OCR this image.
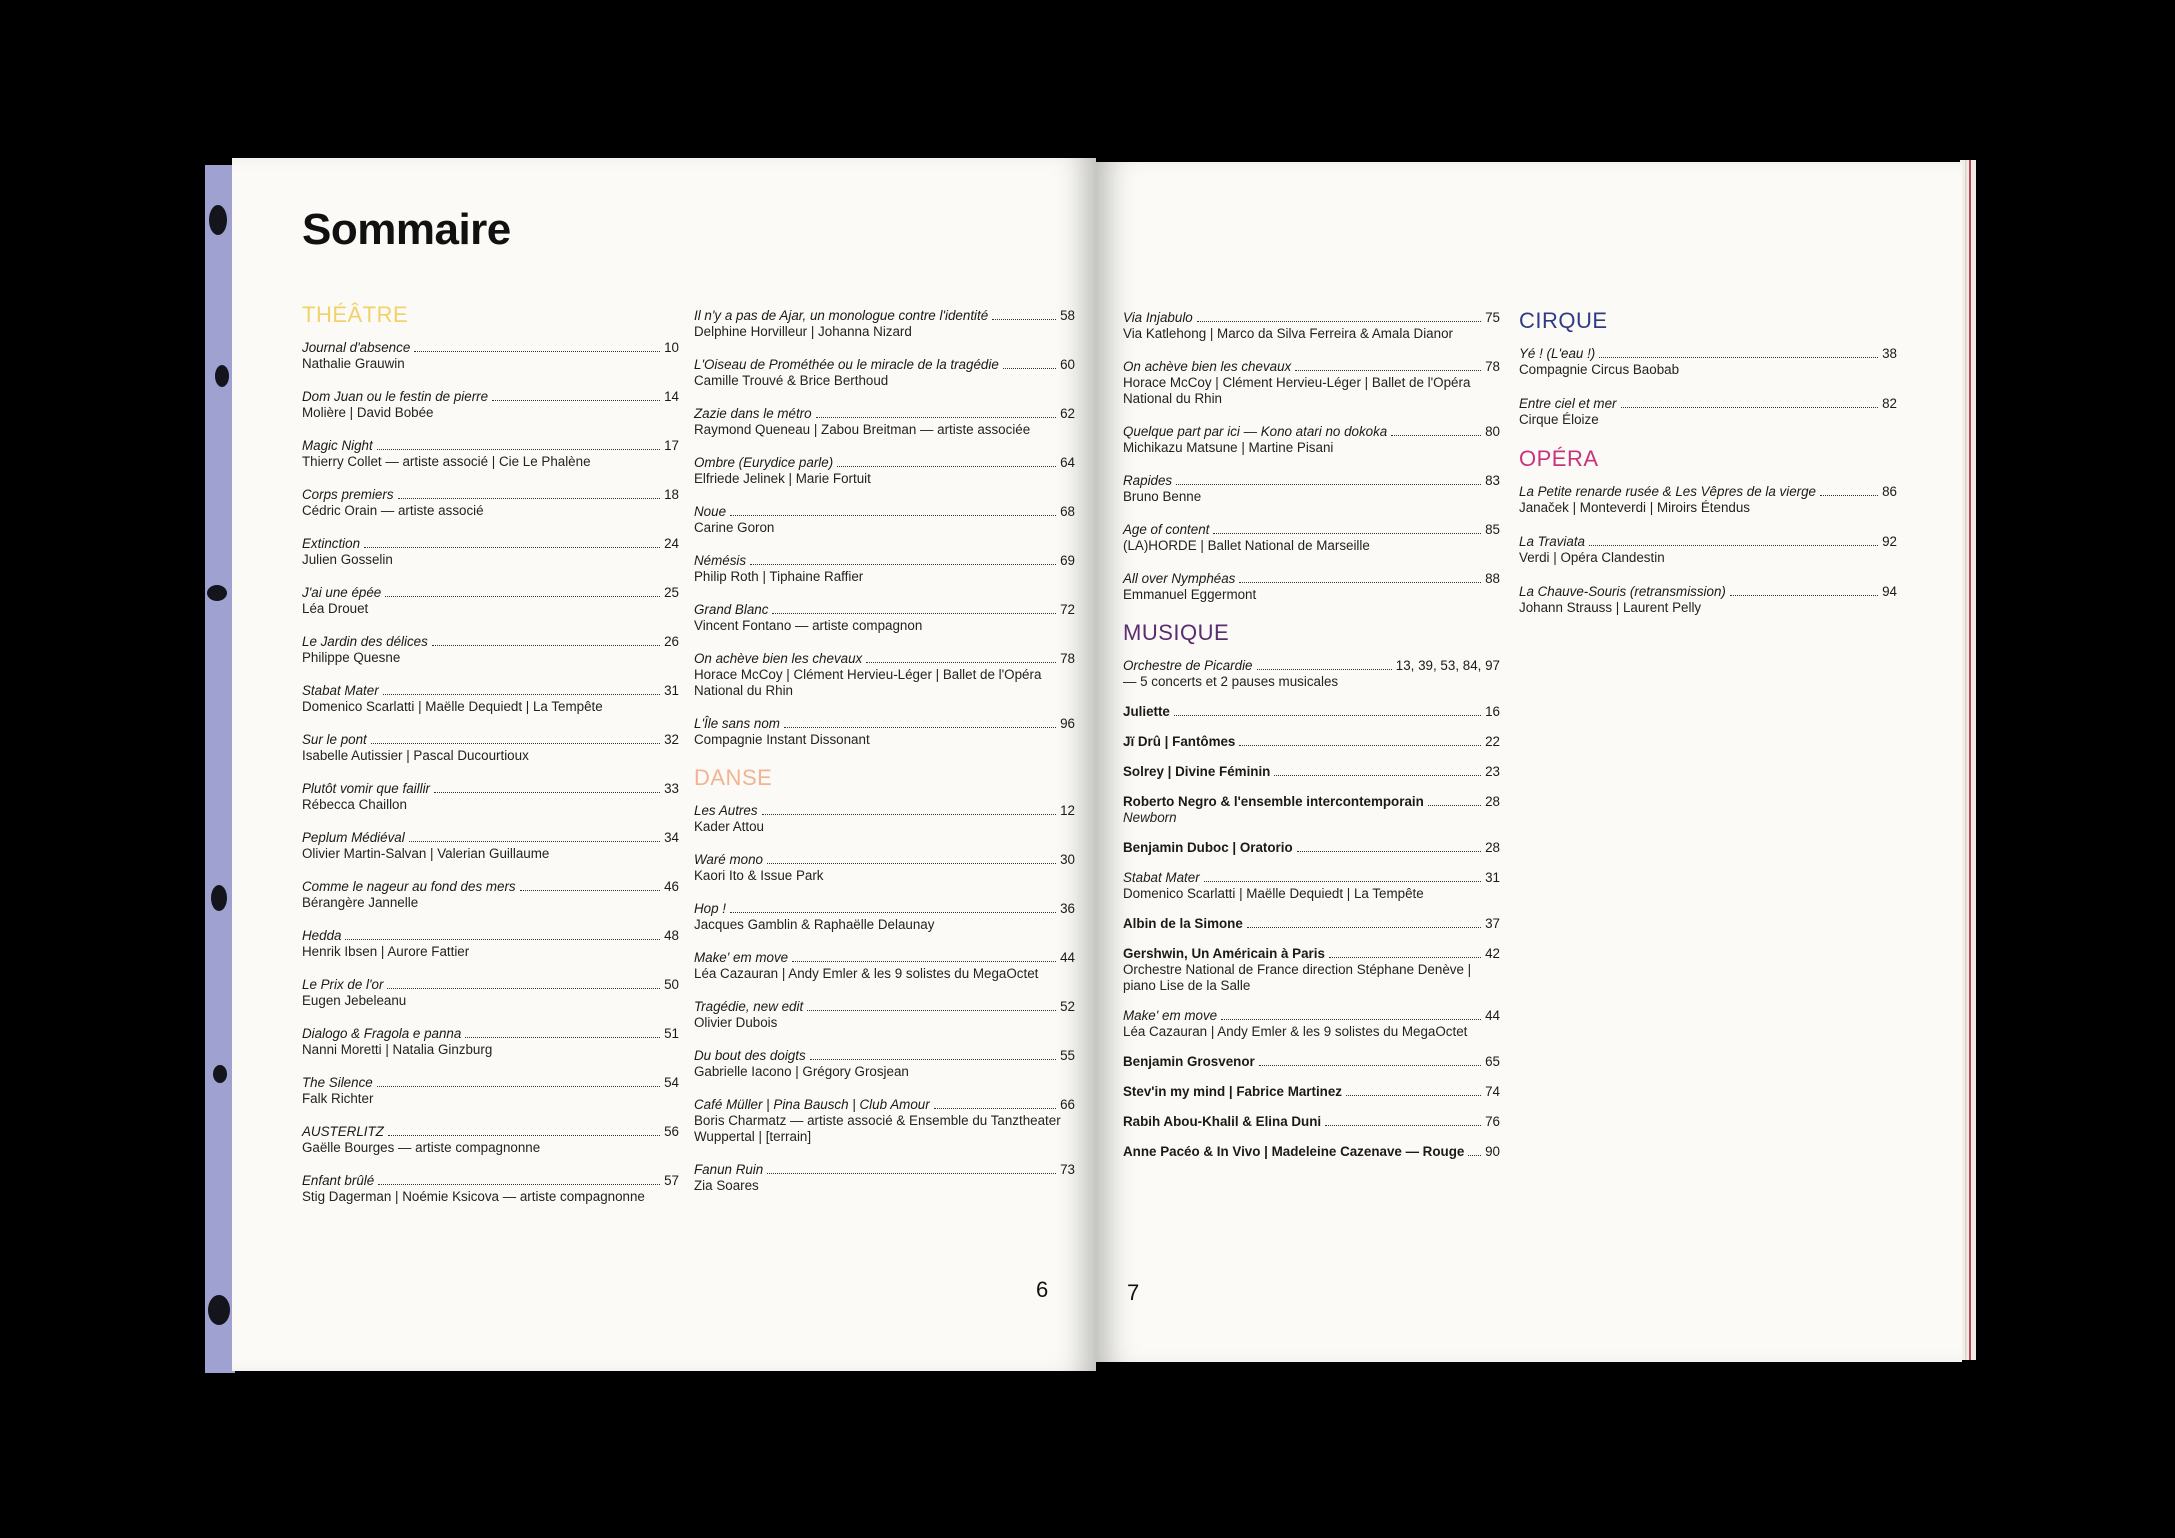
Sommaire
THÉÂTRE
Journal d'absence	10
Nathalie Grauwin
Dom Juan ou le festin de pierre	14
Molière | David Bobée
Magic Night	17
Thierry Collet — artiste associé | Cie Le Phalène
Corps premiers	18
Cédric Orain — artiste associé
Extinction	24
Julien Gosselin
J'ai une épée	25
Léa Drouet
Le Jardin des délices	26
Philippe Quesne
Stabat Mater	31
Domenico Scarlatti | Maëlle Dequiedt | La Tempête
Sur le pont	32
Isabelle Autissier | Pascal Ducourtioux
Plutôt vomir que faillir	33
Rébecca Chaillon
Peplum Médiéval	34
Olivier Martin-Salvan | Valerian Guillaume
Comme le nageur au fond des mers	46
Bérangère Jannelle
Hedda	48
Henrik Ibsen | Aurore Fattier
Le Prix de l'or	50
Eugen Jebeleanu
Dialogo & Fragola e panna	51
Nanni Moretti | Natalia Ginzburg
The Silence	54
Falk Richter
AUSTERLITZ	56
Gaëlle Bourges — artiste compagnonne
Enfant brûlé	57
Stig Dagerman | Noémie Ksicova — artiste compagnonne
Il n'y a pas de Ajar, un monologue contre l'identité	58
Delphine Horvilleur | Johanna Nizard
L'Oiseau de Prométhée ou le miracle de la tragédie	60
Camille Trouvé & Brice Berthoud
Zazie dans le métro	62
Raymond Queneau | Zabou Breitman — artiste associée
Ombre (Eurydice parle)	64
Elfriede Jelinek | Marie Fortuit
Noue	68
Carine Goron
Némésis	69
Philip Roth | Tiphaine Raffier
Grand Blanc	72
Vincent Fontano — artiste compagnon
On achève bien les chevaux	78
Horace McCoy | Clément Hervieu-Léger | Ballet de l'Opéra National du Rhin
L'Île sans nom	96
Compagnie Instant Dissonant
DANSE
Les Autres	12
Kader Attou
Waré mono	30
Kaori Ito & Issue Park
Hop !	36
Jacques Gamblin & Raphaëlle Delaunay
Make' em move	44
Léa Cazauran | Andy Emler & les 9 solistes du MegaOctet
Tragédie, new edit	52
Olivier Dubois
Du bout des doigts	55
Gabrielle Iacono | Grégory Grosjean
Café Müller | Pina Bausch | Club Amour	66
Boris Charmatz — artiste associé & Ensemble du Tanztheater Wuppertal | [terrain]
Fanun Ruin	73
Zia Soares
Via Injabulo	75
Via Katlehong | Marco da Silva Ferreira & Amala Dianor
On achève bien les chevaux	78
Horace McCoy | Clément Hervieu-Léger | Ballet de l'Opéra National du Rhin
Quelque part par ici — Kono atari no dokoka	80
Michikazu Matsune | Martine Pisani
Rapides	83
Bruno Benne
Age of content	85
(LA)HORDE | Ballet National de Marseille
All over Nymphéas	88
Emmanuel Eggermont
MUSIQUE
Orchestre de Picardie	13, 39, 53, 84, 97
— 5 concerts et 2 pauses musicales
Juliette	16
Jï Drû | Fantômes	22
Solrey | Divine Féminin	23
Roberto Negro & l'ensemble intercontemporain	28
Newborn
Benjamin Duboc | Oratorio	28
Stabat Mater	31
Domenico Scarlatti | Maëlle Dequiedt | La Tempête
Albin de la Simone	37
Gershwin, Un Américain à Paris	42
Orchestre National de France direction Stéphane Denève | piano Lise de la Salle
Make' em move	44
Léa Cazauran | Andy Emler & les 9 solistes du MegaOctet
Benjamin Grosvenor	65
Stev'in my mind | Fabrice Martinez	74
Rabih Abou-Khalil & Elina Duni	76
Anne Pacéo & In Vivo | Madeleine Cazenave — Rouge 90
CIRQUE
Yé ! (L'eau !)	38
Compagnie Circus Baobab
Entre ciel et mer	82
Cirque Éloize
OPÉRA
La Petite renarde rusée & Les Vêpres de la vierge	86
Janaček | Monteverdi | Miroirs Étendus
La Traviata	92
Verdi | Opéra Clandestin
La Chauve-Souris (retransmission)	94
Johann Strauss | Laurent Pelly
6	7
